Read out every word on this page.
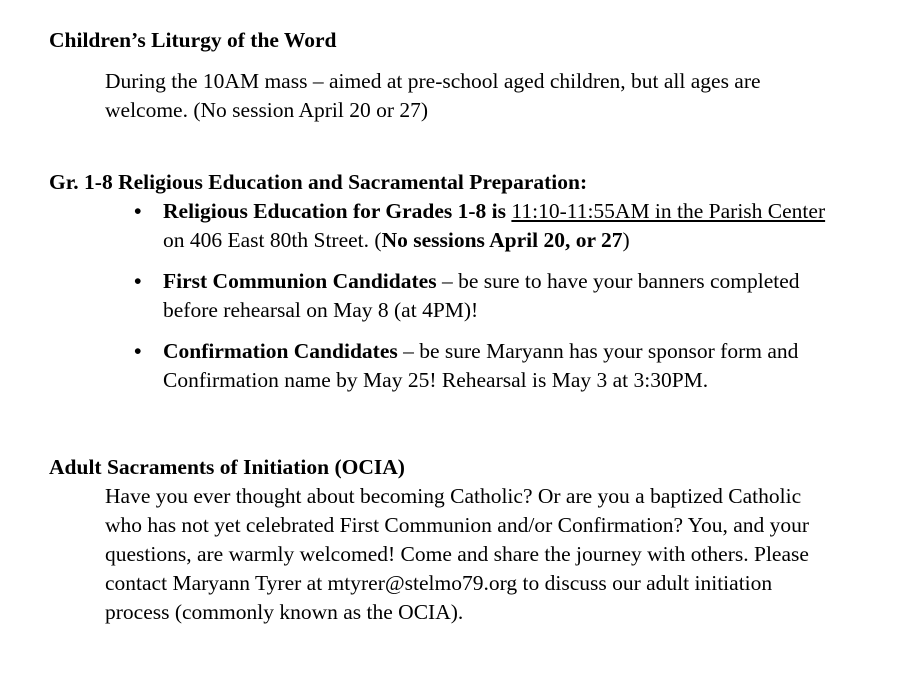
Children’s Liturgy of the Word
During the 10AM mass – aimed at pre-school aged children, but all ages are
welcome. (No session April 20 or 27)
Gr. 1-8 Religious Education and Sacramental Preparation:
• Religious Education for Grades 1-8 is 11:10-11:55AM in the Parish Center
on 406 East 80th Street. (No sessions April 20, or 27)
• First Communion Candidates – be sure to have your banners completed
before rehearsal on May 8 (at 4PM)!
• Confirmation Candidates – be sure Maryann has your sponsor form and
Confirmation name by May 25! Rehearsal is May 3 at 3:30PM.
Adult Sacraments of Initiation (OCIA)
Have you ever thought about becoming Catholic? Or are you a baptized Catholic
who has not yet celebrated First Communion and/or Confirmation? You, and your
questions, are warmly welcomed! Come and share the journey with others. Please
contact Maryann Tyrer at mtyrer@stelmo79.org to discuss our adult initiation
process (commonly known as the OCIA).
